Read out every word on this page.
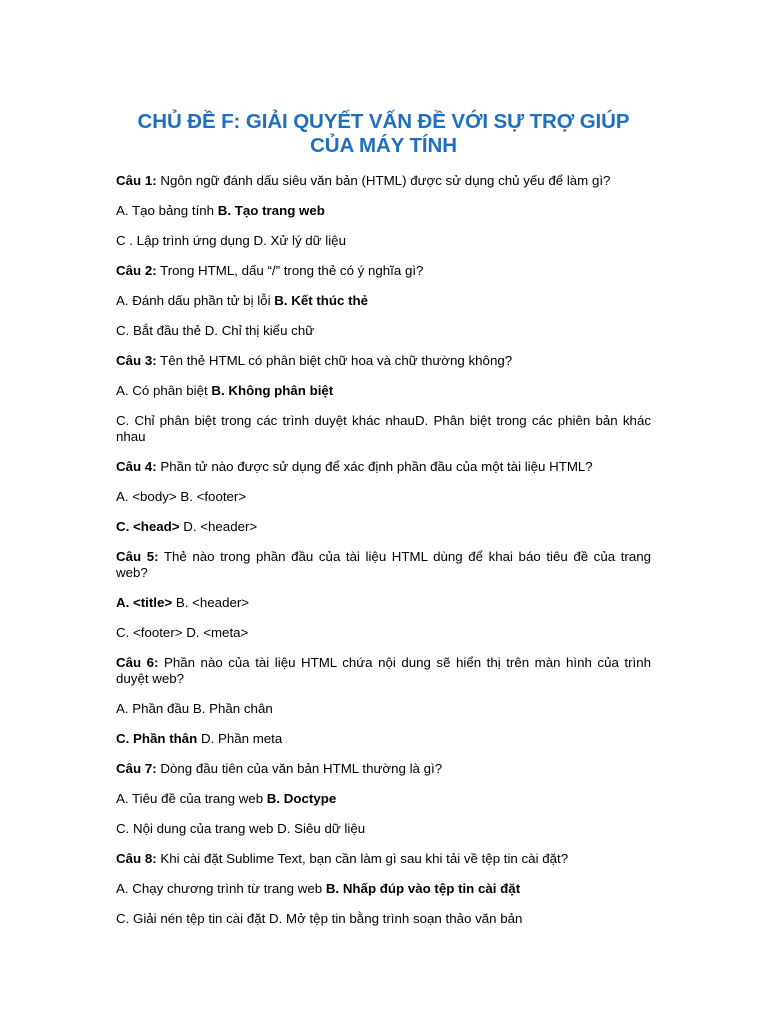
CHỦ ĐỀ F: GIẢI QUYẾT VẤN ĐỀ VỚI SỰ TRỢ GIÚP
CỦA MÁY TÍNH

Câu 1: Ngôn ngữ đánh dấu siêu văn bản (HTML) được sử dụng chủ yếu để làm gì?

A. Tạo bảng tính B. Tạo trang web

C . Lập trình ứng dụng D. Xử lý dữ liệu

Câu 2: Trong HTML, dấu “/” trong thẻ có ý nghĩa gì?

A. Đánh dấu phần tử bị lỗi B. Kết thúc thẻ

C. Bắt đầu thẻ D. Chỉ thị kiểu chữ

Câu 3: Tên thẻ HTML có phân biệt chữ hoa và chữ thường không?

A. Có phân biệt B. Không phân biệt

C. Chỉ phân biệt trong các trình duyệt khác nhauD. Phân biệt trong các phiên bản khác nhau

Câu 4: Phần tử nào được sử dụng để xác định phần đầu của một tài liệu HTML?

A. <body> B. <footer>

C. <head> D. <header>

Câu 5: Thẻ nào trong phần đầu của tài liệu HTML dùng để khai báo tiêu đề của trang web?

A. <title> B. <header>

C. <footer> D. <meta>

Câu 6: Phần nào của tài liệu HTML chứa nội dung sẽ hiển thị trên màn hình của trình duyệt web?

A. Phần đầu B. Phần chân

C. Phần thân D. Phần meta

Câu 7: Dòng đầu tiên của văn bản HTML thường là gì?

A. Tiêu đề của trang web B. Doctype

C. Nội dung của trang web D. Siêu dữ liệu

Câu 8: Khi cài đặt Sublime Text, bạn cần làm gì sau khi tải về tệp tin cài đặt?

A. Chạy chương trình từ trang web B. Nhấp đúp vào tệp tin cài đặt

C. Giải nén tệp tin cài đặt D. Mở tệp tin bằng trình soạn thảo văn bản
